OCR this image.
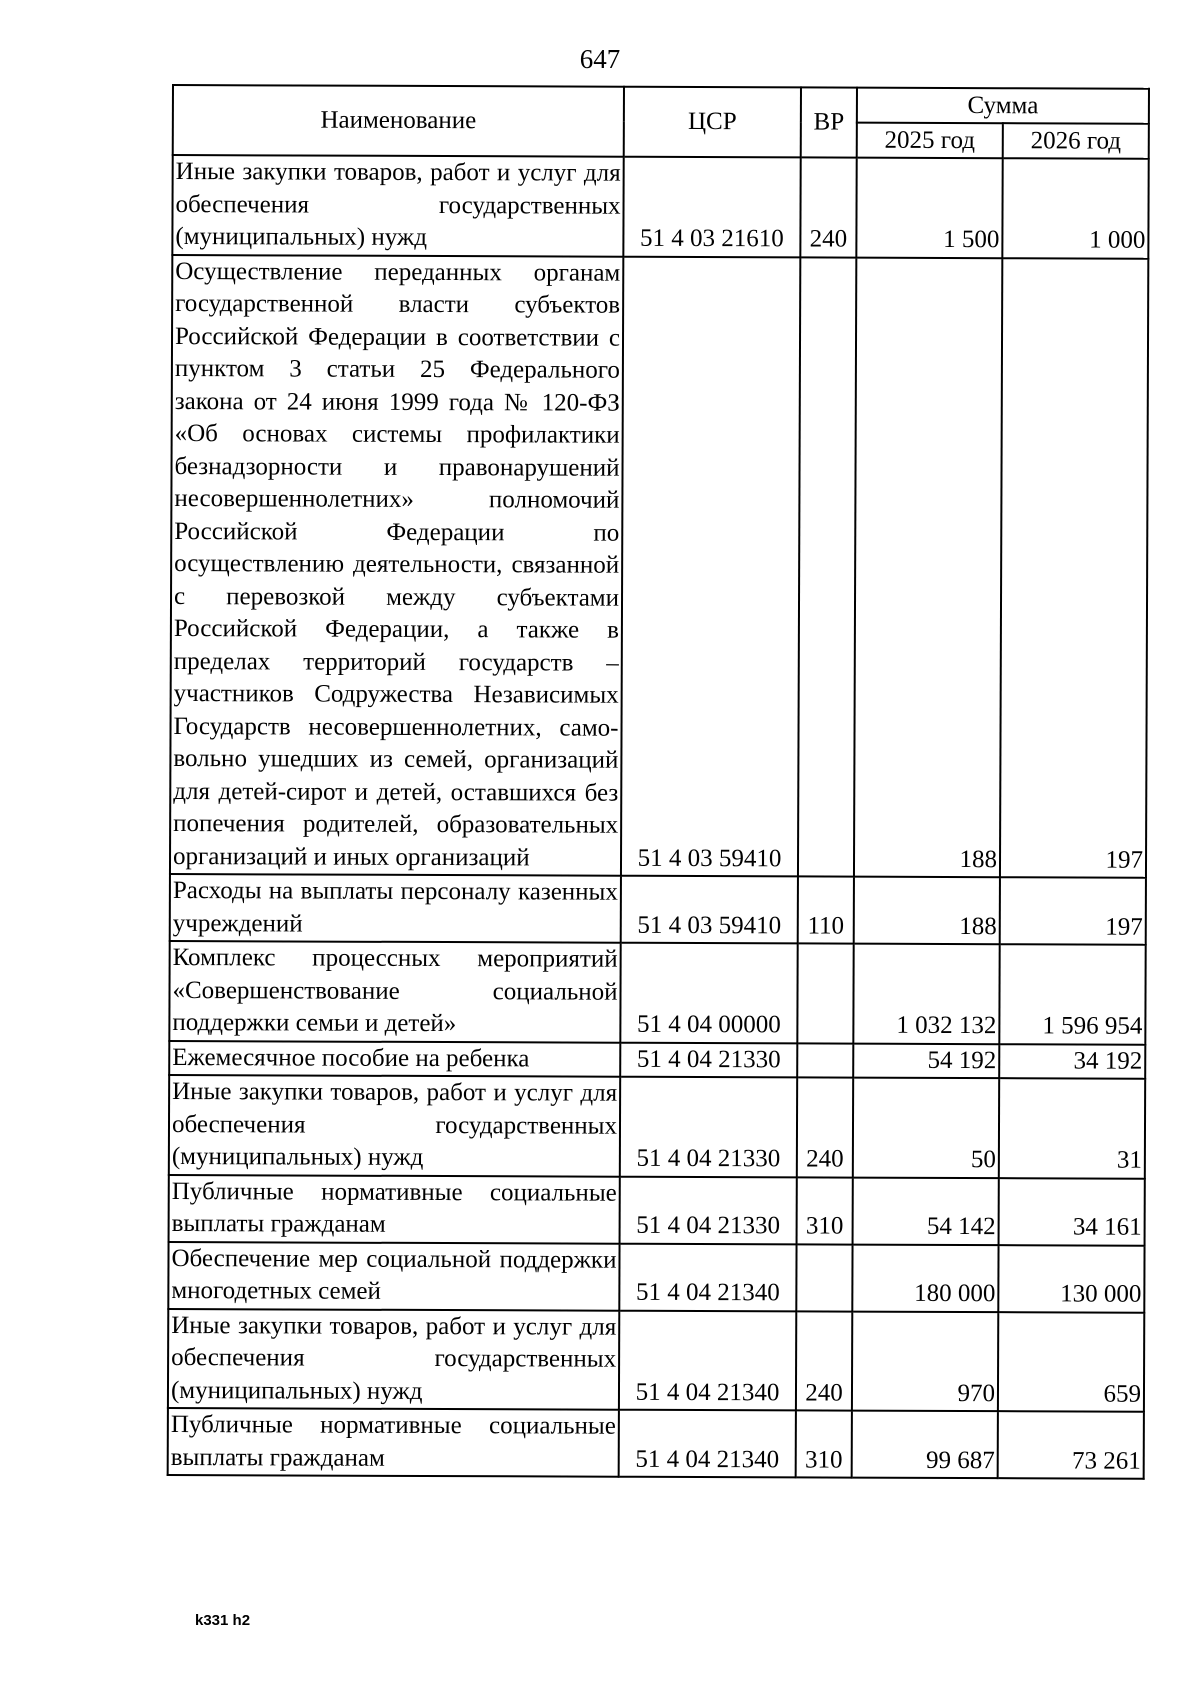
647
Наименование	ЦСР	ВР	Сумма	
			2025 год	2026 год

Иные закупки товаров, работ и услуг для обеспечения государственных (муниципальных) нужд	51 4 03 21610	240	1 500	1 000

Осуществление переданных органам государственной власти субъектов Российской Федерации в соответствии с пунктом 3 статьи 25 Федерального закона от 24 июня 1999 года № 120-ФЗ «Об основах системы профилактики безнадзорности и правонарушений несовершеннолетних» полномочий Российской Федерации по осуществлению деятельности, связанной с перевозкой между субъектами Российской Федерации, а также в пределах территорий государств – участников Содружества Независимых Государств несовершеннолетних, самовольно ушедших из семей, организаций для детей-сирот и детей, оставшихся без попечения родителей, образовательных организаций и иных организаций	51 4 03 59410		188	197

Расходы на выплаты персоналу казенных учреждений	51 4 03 59410	110	188	197

Комплекс процессных мероприятий «Совершенствование социальной поддержки семьи и детей»	51 4 04 00000		1 032 132	1 596 954

Ежемесячное пособие на ребенка	51 4 04 21330		54 192	34 192

Иные закупки товаров, работ и услуг для обеспечения государственных (муниципальных) нужд	51 4 04 21330	240	50	31

Публичные нормативные социальные выплаты гражданам	51 4 04 21330	310	54 142	34 161

Обеспечение мер социальной поддержки многодетных семей	51 4 04 21340		180 000	130 000

Иные закупки товаров, работ и услуг для обеспечения государственных (муниципальных) нужд	51 4 04 21340	240	970	659

Публичные нормативные социальные выплаты гражданам	51 4 04 21340	310	99 687	73 261
k331 h2
